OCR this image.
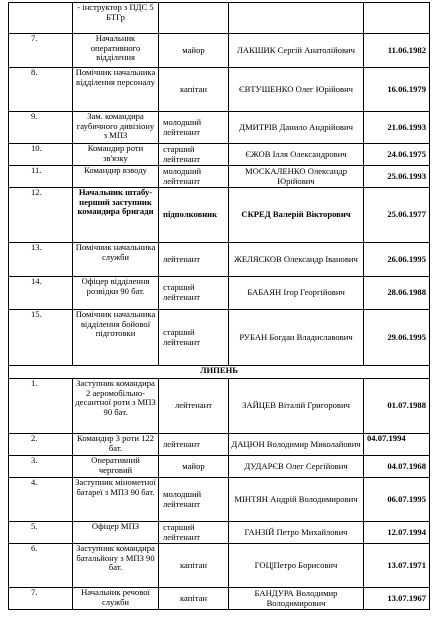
	- інструктор з ПДС 5 БТГр			
7.	Начальник оперативного відділення	майор	ЛАКШИК Сергій Анатолійович	11.06.1982
8.	Помічник начальника відділення персоналу	капітан	ЄВТУШЕНКО Олег Юрійович	16.06.1979
9.	Зам. командира гаубичного дивізіону з МПЗ	молодший лейтенант	ДМИТРІВ Данило Андрійович	21.06.1993
10.	Командир роти зв'язку	старший лейтенант	ЄЖОВ Ілля Олександрович	24.06.1975
11.	Командир взводу	молодший лейтенант	МОСКАЛЕНКО Олександр Юрійович	25.06.1993
12.	Начальник штабу-перший заступник командира бригади	підполковник	СКРЕД Валерій Вікторович	25.06.1977
13.	Помічник начальника служби	лейтенант	ЖЕЛЯСКОВ Олександр Іванович	26.06.1995
14.	Офіцер відділення розвідки 90 бат.	старший лейтенант	БАБАЯН Ігор Георгійович	28.06.1988
15.	Помічник начальника відділення бойової підготовки	старший лейтенант	РУБАН Богдан Владиславович	29.06.1995
ЛИПЕНЬ				
1.	Заступник командира 2 аеромобільно-десантної роти з МПЗ 90 бат.	лейтенант	ЗАЙЦЕВ Віталій Григорович	01.07.1988
2.	Командир 3 роти 122 бат.	лейтенант	ДАЦЮН Володимир Миколайович	04.07.1994
3.	Оперативний черговий	майор	ДУДАРЄВ Олег Сергійович	04.07.1968
4.	Заступник мінометної батареї з МПЗ 90 бат.	молодший лейтенант	МІНТЯН Андрій Володимирович	06.07.1995
5.	Офіцер МПЗ	старший лейтенант	ГАНЗІЙ Петро Михайлович	12.07.1994
6.	Заступник командира батальйону з МПЗ 90 бат.	капітан	ГОЦ|Петро Борисович	13.07.1971
7.	Начальник речової служби	капітан	БАНДУРА Володимир Володимирович	13.07.1967
